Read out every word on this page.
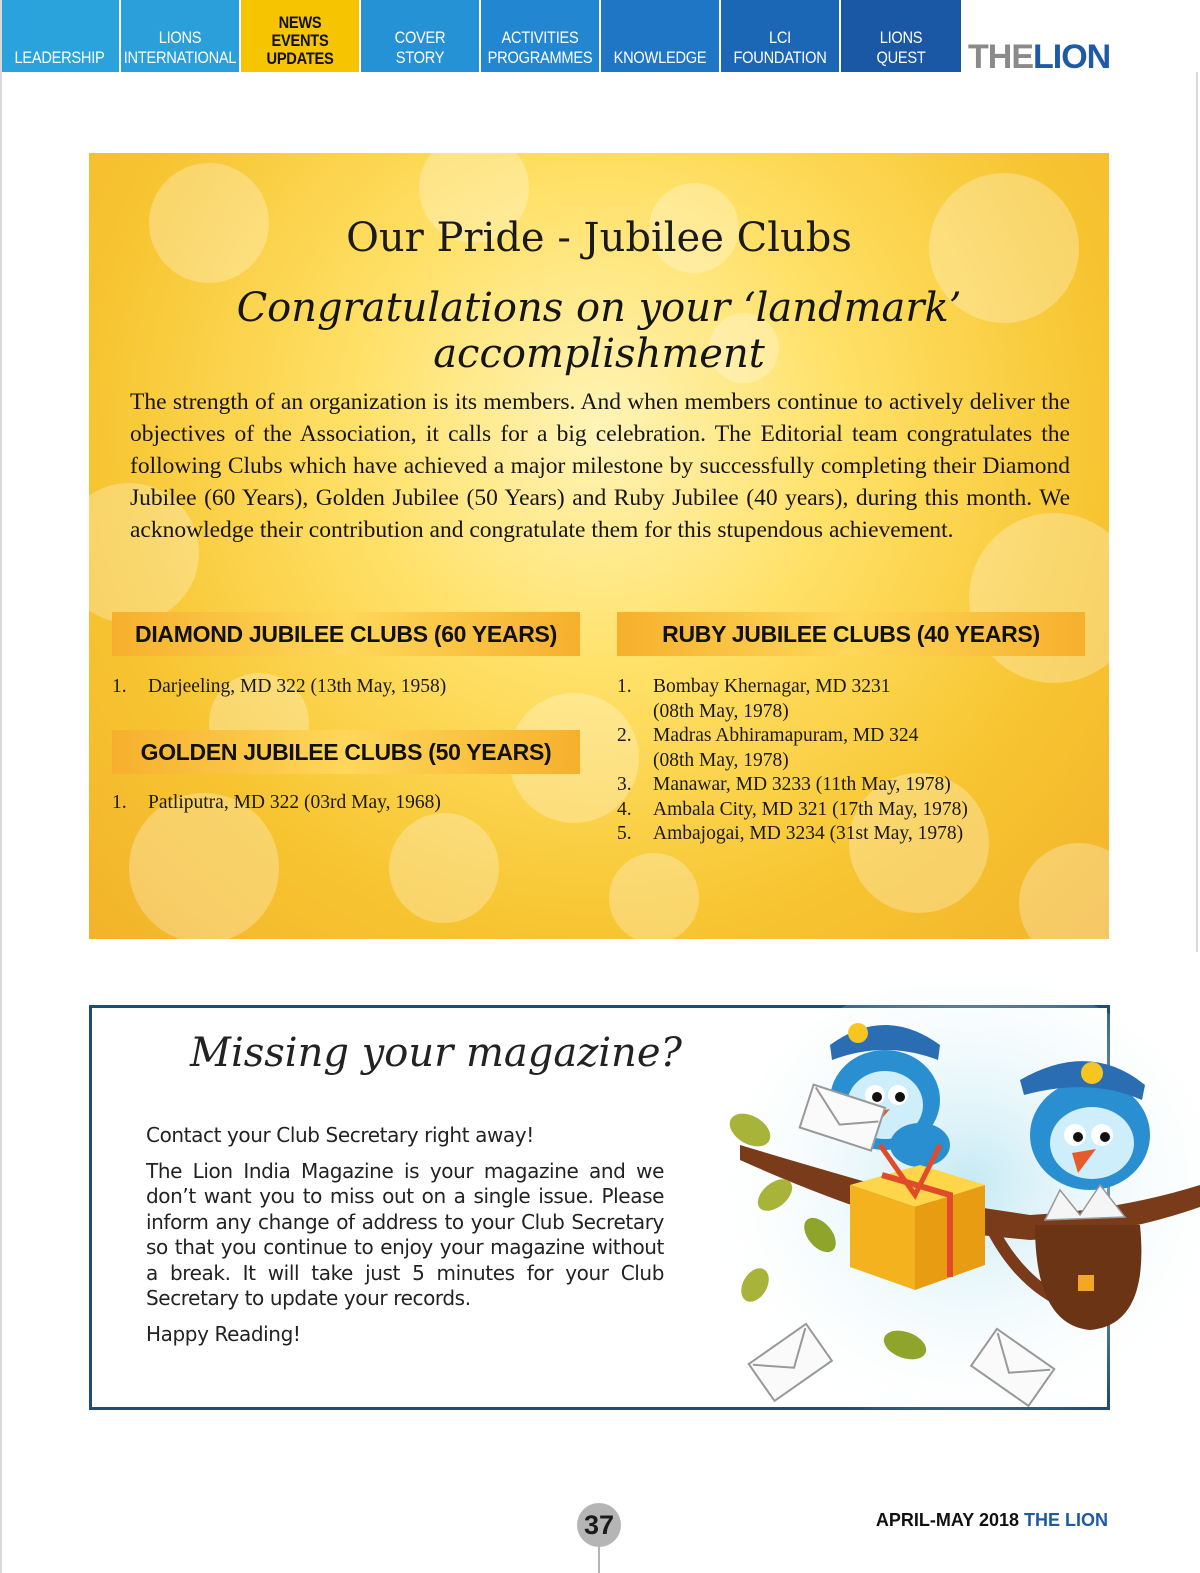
LEADERSHIP
LIONS
INTERNATIONAL
NEWS
EVENTS
UPDATES
COVER STORY
ACTIVITIES
PROGRAMMES KNOWLEDGE
LCI
FOUNDATION
LIONS
QUEST THELION
Our Pride - Jubilee Clubs
Congratulations on your ‘landmark’ accomplishment

The strength of an organization is its members. And when members continue to actively deliver the objectives of the Association, it calls for a big celebration. The Editorial team congratulates the following Clubs which have achieved a major milestone by successfully completing their Diamond Jubilee (60 Years), Golden Jubilee (50 Years) and Ruby Jubilee (40 years), during this month. We acknowledge their contribution and congratulate them for this stupendous achievement.

DIAMOND JUBILEE CLUBS (60 YEARS)
1.	Darjeeling, MD 322 (13th May, 1958)
GOLDEN JUBILEE CLUBS (50 YEARS)
1.	Patliputra, MD 322 (03rd May, 1968)
RUBY JUBILEE CLUBS (40 YEARS)
1.	Bombay Khernagar, MD 3231
(08th May, 1978)
2.	Madras Abhiramapuram, MD 324
(08th May, 1978)
3.	Manawar, MD 3233 (11th May, 1978)
4.	Ambala City, MD 321 (17th May, 1978)
5.	Ambajogai, MD 3234 (31st May, 1978)
Missing your magazine?

Contact your Club Secretary right away!

The Lion India Magazine is your magazine and we don’t want you to miss out on a single issue. Please inform any change of address to your Club Secretary so that you continue to enjoy your magazine without a break. It will take just 5 minutes for your Club Secretary to update your records.

Happy Reading!

37	APRIL-MAY 2018 THE LION
